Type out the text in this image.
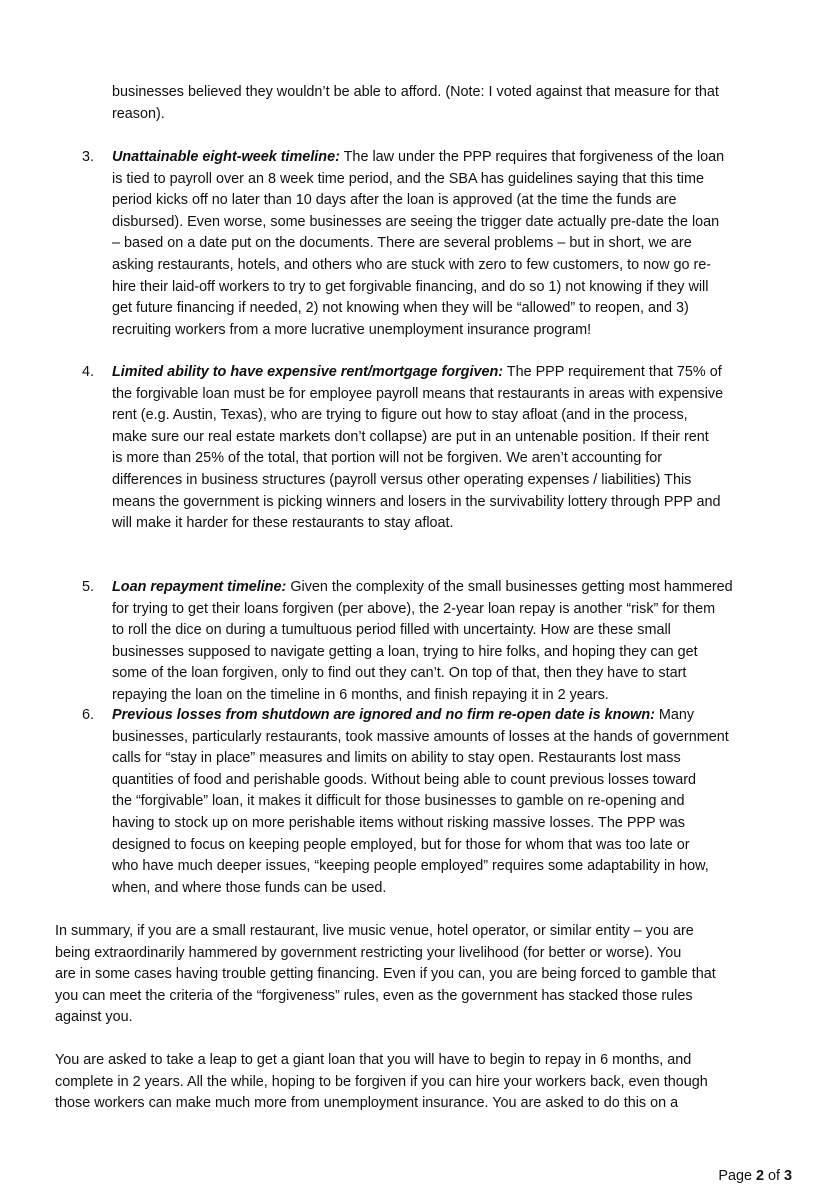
businesses believed they wouldn’t be able to afford. (Note: I voted against that measure for that
reason).
3. Unattainable eight-week timeline: The law under the PPP requires that forgiveness of the loan
is tied to payroll over an 8 week time period, and the SBA has guidelines saying that this time
period kicks off no later than 10 days after the loan is approved (at the time the funds are
disbursed). Even worse, some businesses are seeing the trigger date actually pre-date the loan
– based on a date put on the documents. There are several problems – but in short, we are
asking restaurants, hotels, and others who are stuck with zero to few customers, to now go re-
hire their laid-off workers to try to get forgivable financing, and do so 1) not knowing if they will
get future financing if needed, 2) not knowing when they will be “allowed” to reopen, and 3)
recruiting workers from a more lucrative unemployment insurance program!
4. Limited ability to have expensive rent/mortgage forgiven: The PPP requirement that 75% of
the forgivable loan must be for employee payroll means that restaurants in areas with expensive
rent (e.g. Austin, Texas), who are trying to figure out how to stay afloat (and in the process,
make sure our real estate markets don’t collapse) are put in an untenable position. If their rent
is more than 25% of the total, that portion will not be forgiven. We aren’t accounting for
differences in business structures (payroll versus other operating expenses / liabilities) This
means the government is picking winners and losers in the survivability lottery through PPP and
will make it harder for these restaurants to stay afloat.
5. Loan repayment timeline: Given the complexity of the small businesses getting most hammered
for trying to get their loans forgiven (per above), the 2-year loan repay is another “risk” for them
to roll the dice on during a tumultuous period filled with uncertainty. How are these small
businesses supposed to navigate getting a loan, trying to hire folks, and hoping they can get
some of the loan forgiven, only to find out they can’t. On top of that, then they have to start
repaying the loan on the timeline in 6 months, and finish repaying it in 2 years.
6. Previous losses from shutdown are ignored and no firm re-open date is known: Many
businesses, particularly restaurants, took massive amounts of losses at the hands of government
calls for “stay in place” measures and limits on ability to stay open. Restaurants lost mass
quantities of food and perishable goods. Without being able to count previous losses toward
the “forgivable” loan, it makes it difficult for those businesses to gamble on re-opening and
having to stock up on more perishable items without risking massive losses. The PPP was
designed to focus on keeping people employed, but for those for whom that was too late or
who have much deeper issues, “keeping people employed” requires some adaptability in how,
when, and where those funds can be used.
In summary, if you are a small restaurant, live music venue, hotel operator, or similar entity – you are
being extraordinarily hammered by government restricting your livelihood (for better or worse). You
are in some cases having trouble getting financing. Even if you can, you are being forced to gamble that
you can meet the criteria of the “forgiveness” rules, even as the government has stacked those rules
against you.
You are asked to take a leap to get a giant loan that you will have to begin to repay in 6 months, and
complete in 2 years. All the while, hoping to be forgiven if you can hire your workers back, even though
those workers can make much more from unemployment insurance. You are asked to do this on a
Page 2 of 3
